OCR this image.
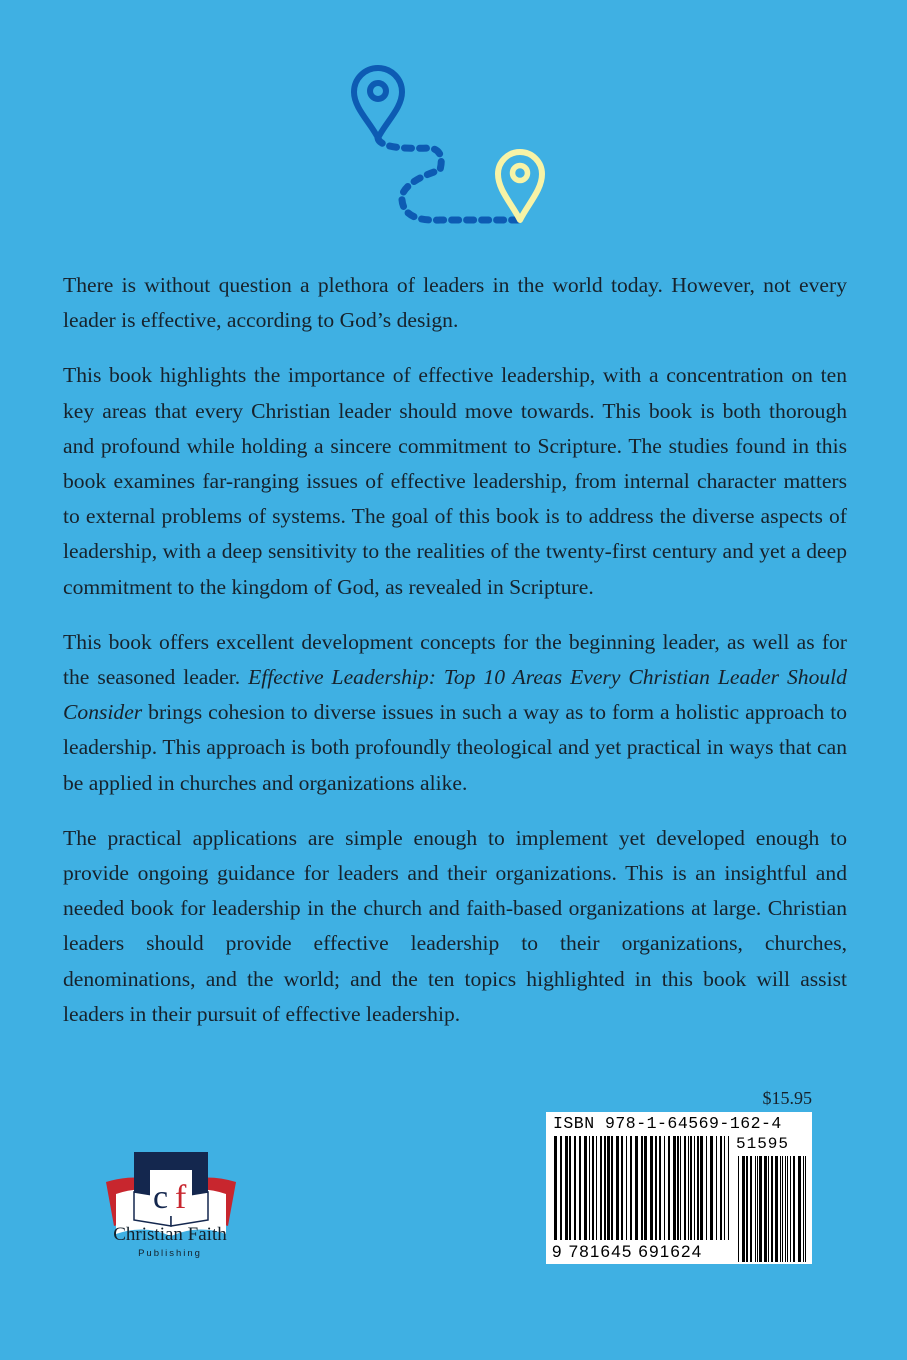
There is without question a plethora of leaders in the world today. However, not every leader is effective, according to God’s design.

This book highlights the importance of effective leadership, with a concentration on ten key areas that every Christian leader should move towards. This book is both thorough and profound while holding a sincere commitment to Scripture. The studies found in this book examines far-ranging issues of effective leadership, from internal character matters to external problems of systems. The goal of this book is to address the diverse aspects of leadership, with a deep sensitivity to the realities of the twenty-first century and yet a deep commitment to the kingdom of God, as revealed in Scripture.

This book offers excellent development concepts for the beginning leader, as well as for the seasoned leader. Effective Leadership: Top 10 Areas Every Christian Leader Should Consider brings cohesion to diverse issues in such a way as to form a holistic approach to leadership. This approach is both profoundly theological and yet practical in ways that can be applied in churches and organizations alike.

The practical applications are simple enough to implement yet developed enough to provide ongoing guidance for leaders and their organizations. This is an insightful and needed book for leadership in the church and faith-based organizations at large. Christian leaders should provide effective leadership to their organizations, churches, denominations, and the world; and the ten topics highlighted in this book will assist leaders in their pursuit of effective leadership.

c f
Christian Faith
Publishing
$15.95
ISBN 978-1-64569-162-4
51595
9 781645 691624
